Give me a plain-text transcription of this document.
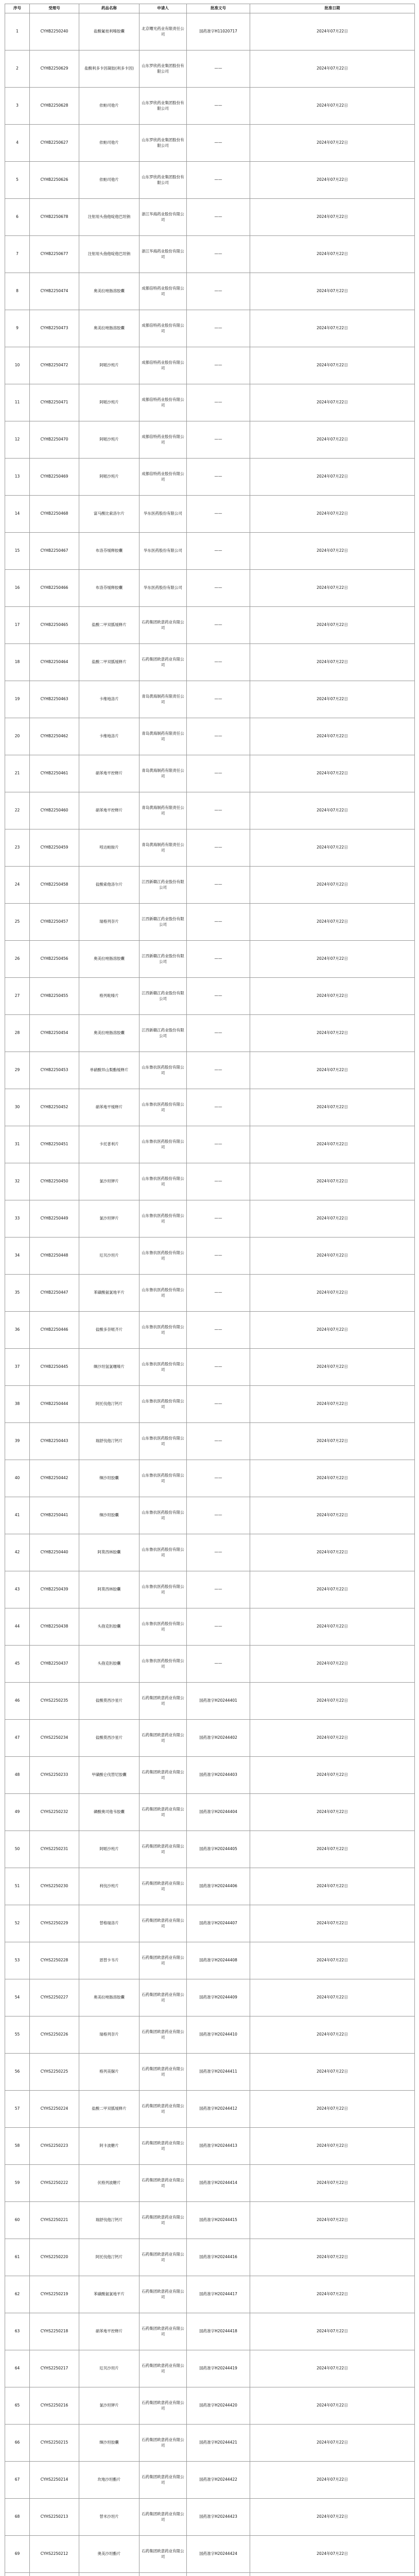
序号	受理号	药品名称	申请人	批准文号	批准日期
1	CYHB2250240	盐酸氟桂利嗪胶囊	北京曙光药业有限责任公司	国药准字H11020717	2024年07月22日
2	CYHB2250629	盐酸利多卡因凝胶(利多卡因)	山东罗欣药业集团股份有限公司	——	2024年07月22日
3	CYHB2250628	依帕司他片	山东罗欣药业集团股份有限公司	——	2024年07月22日
4	CYHB2250627	依帕司他片	山东罗欣药业集团股份有限公司	——	2024年07月22日
5	CYHB2250626	依帕司他片	山东罗欣药业集团股份有限公司	——	2024年07月22日
6	CYHB2250678	注射用头孢他啶他巴坦钠	浙江华海药业股份有限公司	——	2024年07月22日
7	CYHB2250677	注射用头孢他啶他巴坦钠	浙江华海药业股份有限公司	——	2024年07月22日
8	CYHB2250474	奥美拉唑肠溶胶囊	成都倍特药业股份有限公司	——	2024年07月22日
9	CYHB2250473	奥美拉唑肠溶胶囊	成都倍特药业股份有限公司	——	2024年07月22日
10	CYHB2250472	阿哌沙班片	成都倍特药业股份有限公司	——	2024年07月22日
11	CYHB2250471	阿哌沙班片	成都倍特药业股份有限公司	——	2024年07月22日
12	CYHB2250470	阿哌沙班片	成都倍特药业股份有限公司	——	2024年07月22日
13	CYHB2250469	阿哌沙班片	成都倍特药业股份有限公司	——	2024年07月22日
14	CYHB2250468	富马酸比索洛尔片	华东医药股份有限公司	——	2024年07月22日
15	CYHB2250467	布洛芬缓释胶囊	华东医药股份有限公司	——	2024年07月22日
16	CYHB2250466	布洛芬缓释胶囊	华东医药股份有限公司	——	2024年07月22日
17	CYHB2250465	盐酸二甲双胍缓释片	石药集团欧意药业有限公司	——	2024年07月22日
18	CYHB2250464	盐酸二甲双胍缓释片	石药集团欧意药业有限公司	——	2024年07月22日
19	CYHB2250463	卡维地洛片	青岛黄海制药有限责任公司	——	2024年07月22日
20	CYHB2250462	卡维地洛片	青岛黄海制药有限责任公司	——	2024年07月22日
21	CYHB2250461	硝苯地平控释片	青岛黄海制药有限责任公司	——	2024年07月22日
22	CYHB2250460	硝苯地平控释片	青岛黄海制药有限责任公司	——	2024年07月22日
23	CYHB2250459	吲达帕胺片	青岛黄海制药有限责任公司	——	2024年07月22日
24	CYHB2250458	盐酸索他洛尔片	江西新赣江药业股份有限公司	——	2024年07月22日
25	CYHB2250457	瑞格列奈片	江西新赣江药业股份有限公司	——	2024年07月22日
26	CYHB2250456	奥美拉唑肠溶胶囊	江西新赣江药业股份有限公司	——	2024年07月22日
27	CYHB2250455	格列吡嗪片	江西新赣江药业股份有限公司	——	2024年07月22日
28	CYHB2250454	奥美拉唑肠溶胶囊	江西新赣江药业股份有限公司	——	2024年07月22日
29	CYHB2250453	单硝酸异山梨酯缓释片	山东鲁抗医药股份有限公司	——	2024年07月22日
30	CYHB2250452	硝苯地平缓释片	山东鲁抗医药股份有限公司	——	2024年07月22日
31	CYHB2250451	卡托普利片	山东鲁抗医药股份有限公司	——	2024年07月22日
32	CYHB2250450	氯沙坦钾片	山东鲁抗医药股份有限公司	——	2024年07月22日
33	CYHB2250449	氯沙坦钾片	山东鲁抗医药股份有限公司	——	2024年07月22日
34	CYHB2250448	厄贝沙坦片	山东鲁抗医药股份有限公司	——	2024年07月22日
35	CYHB2250447	苯磺酸氨氯地平片	山东鲁抗医药股份有限公司	——	2024年07月22日
36	CYHB2250446	盐酸多奈哌齐片	山东鲁抗医药股份有限公司	——	2024年07月22日
37	CYHB2250445	缬沙坦氢氯噻嗪片	山东鲁抗医药股份有限公司	——	2024年07月22日
38	CYHB2250444	阿托伐他汀钙片	山东鲁抗医药股份有限公司	——	2024年07月22日
39	CYHB2250443	瑞舒伐他汀钙片	山东鲁抗医药股份有限公司	——	2024年07月22日
40	CYHB2250442	缬沙坦胶囊	山东鲁抗医药股份有限公司	——	2024年07月22日
41	CYHB2250441	缬沙坦胶囊	山东鲁抗医药股份有限公司	——	2024年07月22日
42	CYHB2250440	阿莫西林胶囊	山东鲁抗医药股份有限公司	——	2024年07月22日
43	CYHB2250439	阿莫西林胶囊	山东鲁抗医药股份有限公司	——	2024年07月22日
44	CYHB2250438	头孢克肟胶囊	山东鲁抗医药股份有限公司	——	2024年07月22日
45	CYHB2250437	头孢克肟胶囊	山东鲁抗医药股份有限公司	——	2024年07月22日
46	CYHS2250235	盐酸莫西沙星片	石药集团欧意药业有限公司	国药准字H20244401	2024年07月22日
47	CYHS2250234	盐酸莫西沙星片	石药集团欧意药业有限公司	国药准字H20244402	2024年07月22日
48	CYHS2250233	甲磺酸仑伐替尼胶囊	石药集团欧意药业有限公司	国药准字H20244403	2024年07月22日
49	CYHS2250232	磷酸奥司他韦胶囊	石药集团欧意药业有限公司	国药准字H20244404	2024年07月22日
50	CYHS2250231	阿哌沙班片	石药集团欧意药业有限公司	国药准字H20244405	2024年07月22日
51	CYHS2250230	利伐沙班片	石药集团欧意药业有限公司	国药准字H20244406	2024年07月22日
52	CYHS2250229	替格瑞洛片	石药集团欧意药业有限公司	国药准字H20244407	2024年07月22日
53	CYHS2250228	恩替卡韦片	石药集团欧意药业有限公司	国药准字H20244408	2024年07月22日
54	CYHS2250227	奥美拉唑肠溶胶囊	石药集团欧意药业有限公司	国药准字H20244409	2024年07月22日
55	CYHS2250226	瑞格列奈片	石药集团欧意药业有限公司	国药准字H20244410	2024年07月22日
56	CYHS2250225	格列美脲片	石药集团欧意药业有限公司	国药准字H20244411	2024年07月22日
57	CYHS2250224	盐酸二甲双胍缓释片	石药集团欧意药业有限公司	国药准字H20244412	2024年07月22日
58	CYHS2250223	阿卡波糖片	石药集团欧意药业有限公司	国药准字H20244413	2024年07月22日
59	CYHS2250222	伏格列波糖片	石药集团欧意药业有限公司	国药准字H20244414	2024年07月22日
60	CYHS2250221	瑞舒伐他汀钙片	石药集团欧意药业有限公司	国药准字H20244415	2024年07月22日
61	CYHS2250220	阿托伐他汀钙片	石药集团欧意药业有限公司	国药准字H20244416	2024年07月22日
62	CYHS2250219	苯磺酸氨氯地平片	石药集团欧意药业有限公司	国药准字H20244417	2024年07月22日
63	CYHS2250218	硝苯地平控释片	石药集团欧意药业有限公司	国药准字H20244418	2024年07月22日
64	CYHS2250217	厄贝沙坦片	石药集团欧意药业有限公司	国药准字H20244419	2024年07月22日
65	CYHS2250216	氯沙坦钾片	石药集团欧意药业有限公司	国药准字H20244420	2024年07月22日
66	CYHS2250215	缬沙坦胶囊	石药集团欧意药业有限公司	国药准字H20244421	2024年07月22日
67	CYHS2250214	坎地沙坦酯片	石药集团欧意药业有限公司	国药准字H20244422	2024年07月22日
68	CYHS2250213	替米沙坦片	石药集团欧意药业有限公司	国药准字H20244423	2024年07月22日
69	CYHS2250212	奥美沙坦酯片	石药集团欧意药业有限公司	国药准字H20244424	2024年07月22日
